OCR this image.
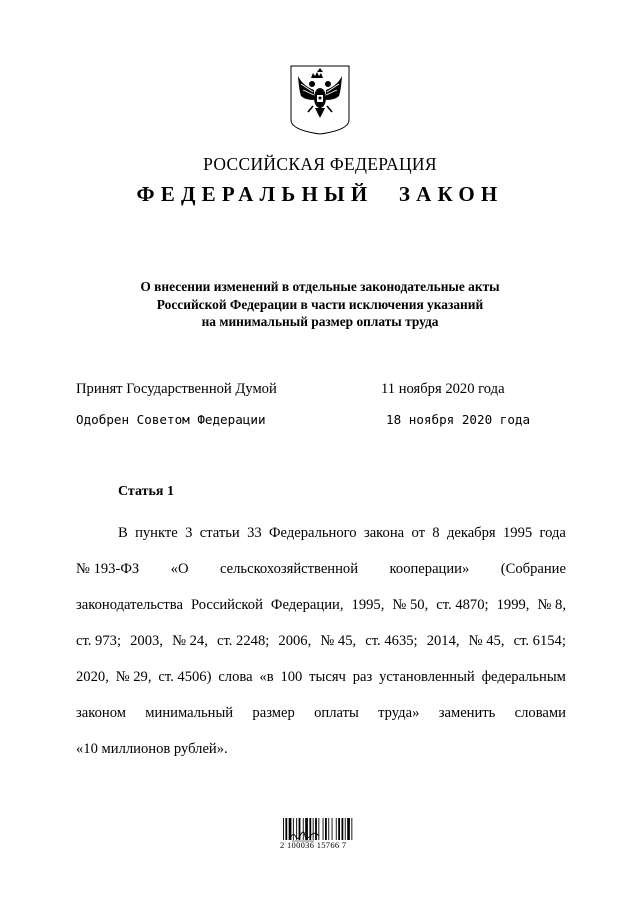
РОССИЙСКАЯ ФЕДЕРАЦИЯ
ФЕДЕРАЛЬНЫЙ ЗАКОН
О внесении изменений в отдельные законодательные акты
Российской Федерации в части исключения указаний
на минимальный размер оплаты труда
Принят Государственной Думой	11 ноября 2020 года
Одобрен Советом Федерации	18 ноября 2020 года
Статья 1
В пункте 3 статьи 33 Федерального закона от 8 декабря 1995 года
№ 193-ФЗ «О сельскохозяйственной кооперации» (Собрание
законодательства Российской Федерации, 1995, № 50, ст. 4870; 1999, № 8,
ст. 973; 2003, № 24, ст. 2248; 2006, № 45, ст. 4635; 2014, № 45, ст. 6154;
2020, № 29, ст. 4506) слова «в 100 тысяч раз установленный федеральным
законом минимальный размер оплаты труда» заменить словами
«10 миллионов рублей».
2 100036 15766 7
